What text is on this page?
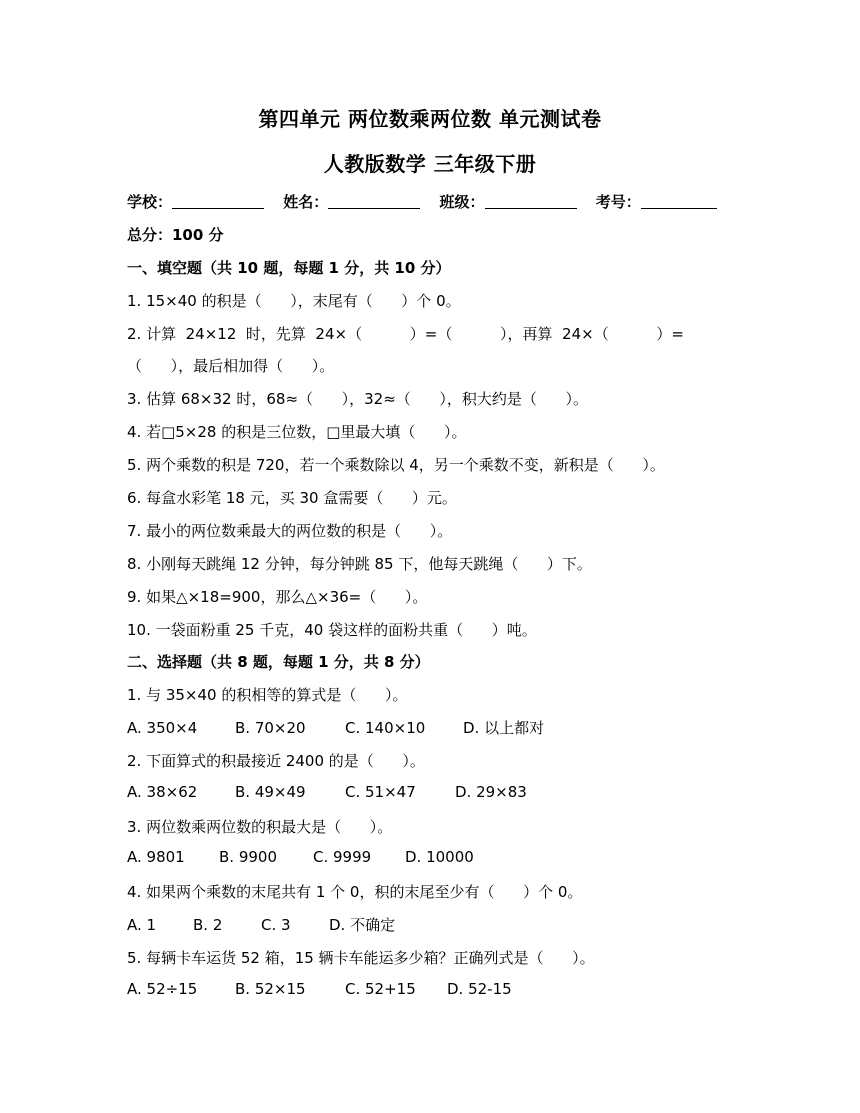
第四单元 两位数乘两位数 单元测试卷
人教版数学 三年级下册
学校：	姓名：	班级：	考号：
总分：100 分
一、填空题（共 10 题，每题 1 分，共 10 分）
1. 15×40 的积是（      ），末尾有（      ）个 0。
2. 计算  24×12  时，先算  24×（          ）=（          ），再算  24×（          ）=
（      ），最后相加得（      ）。
3. 估算 68×32 时，68≈（      ），32≈（      ），积大约是（      ）。
4. 若□5×28 的积是三位数，□里最大填（      ）。
5. 两个乘数的积是 720，若一个乘数除以 4，另一个乘数不变，新积是（      ）。
6. 每盒水彩笔 18 元，买 30 盒需要（      ）元。
7. 最小的两位数乘最大的两位数的积是（      ）。
8. 小刚每天跳绳 12 分钟，每分钟跳 85 下，他每天跳绳（      ）下。
9. 如果△×18=900，那么△×36=（      ）。
10. 一袋面粉重 25 千克，40 袋这样的面粉共重（      ）吨。
二、选择题（共 8 题，每题 1 分，共 8 分）
1. 与 35×40 的积相等的算式是（      ）。
A. 350×4	B. 70×20	C. 140×10	D. 以上都对
2. 下面算式的积最接近 2400 的是（      ）。
A. 38×62	B. 49×49	C. 51×47	D. 29×83
3. 两位数乘两位数的积最大是（      ）。
A. 9801 B. 9900 C. 9999 D. 10000
4. 如果两个乘数的末尾共有 1 个 0，积的末尾至少有（      ）个 0。
A. 1 B. 2	C. 3	D. 不确定
5. 每辆卡车运货 52 箱，15 辆卡车能运多少箱？正确列式是（      ）。
A. 52÷15	B. 52×15	C. 52+15 D. 52-15
